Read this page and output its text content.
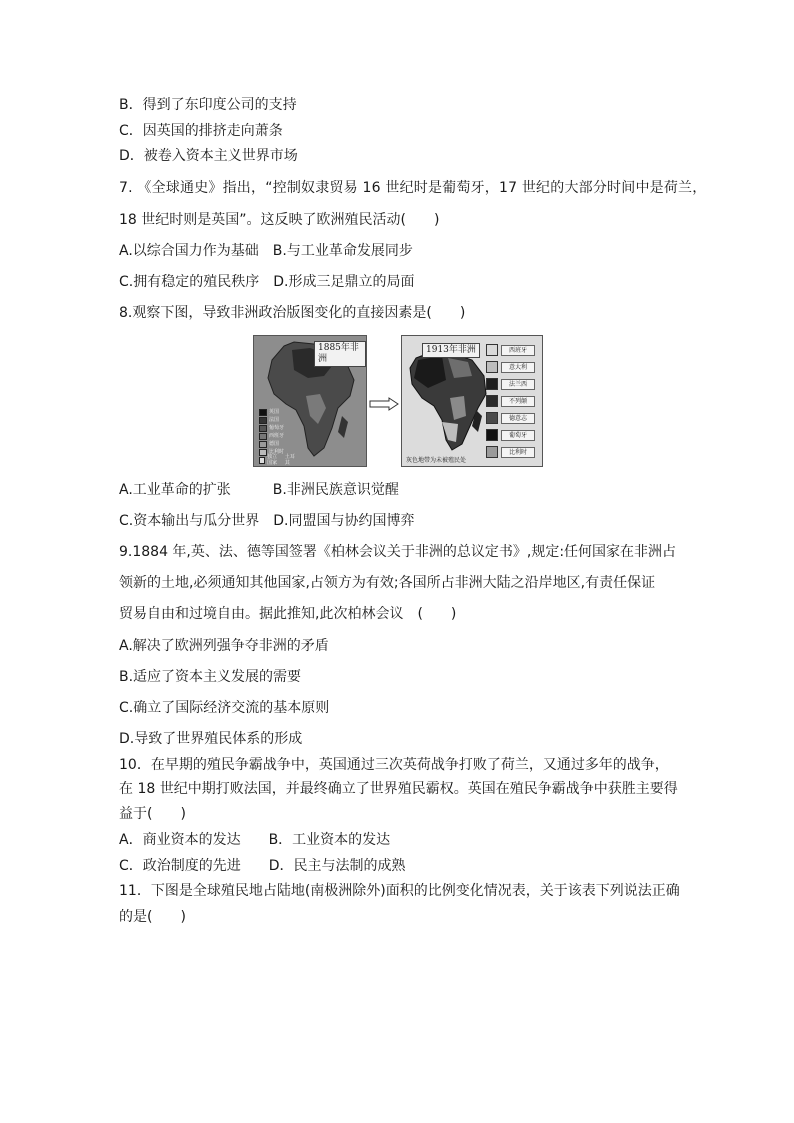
B．得到了东印度公司的支持
C．因英国的排挤走向萧条
D．被卷入资本主义世界市场
7. 《全球通史》指出，“控制奴隶贸易 16 世纪时是葡萄牙，17 世纪的大部分时间中是荷兰，
18 世纪时则是英国”。这反映了欧洲殖民活动(　　)
A.以综合国力作为基础　B.与工业革命发展同步
C.拥有稳定的殖民秩序　D.形成三足鼎立的局面
8.观察下图，导致非洲政治版图变化的直接因素是(　　)
1885年非洲
英国
法国
葡萄牙
西班牙
德国
比利时
独立国家
土耳其
1913年非洲	西班牙
意大利
法兰西
不列颠
德意志
葡萄牙
比利时
灰色地带为未被殖民处
A.工业革命的扩张　　　B.非洲民族意识觉醒
C.资本输出与瓜分世界　D.同盟国与协约国博弈
9.1884 年,英、法、德等国签署《柏林会议关于非洲的总议定书》,规定:任何国家在非洲占
领新的土地,必须通知其他国家,占领方为有效;各国所占非洲大陆之沿岸地区,有责任保证
贸易自由和过境自由。据此推知,此次柏林会议　(　　)
A.解决了欧洲列强争夺非洲的矛盾
B.适应了资本主义发展的需要
C.确立了国际经济交流的基本原则
D.导致了世界殖民体系的形成
10．在早期的殖民争霸战争中，英国通过三次英荷战争打败了荷兰，又通过多年的战争，
在 18 世纪中期打败法国，并最终确立了世界殖民霸权。英国在殖民争霸战争中获胜主要得
益于(　　)
A．商业资本的发达　　B．工业资本的发达
C．政治制度的先进　　D．民主与法制的成熟
11．下图是全球殖民地占陆地(南极洲除外)面积的比例变化情况表，关于该表下列说法正确
的是(　　)
